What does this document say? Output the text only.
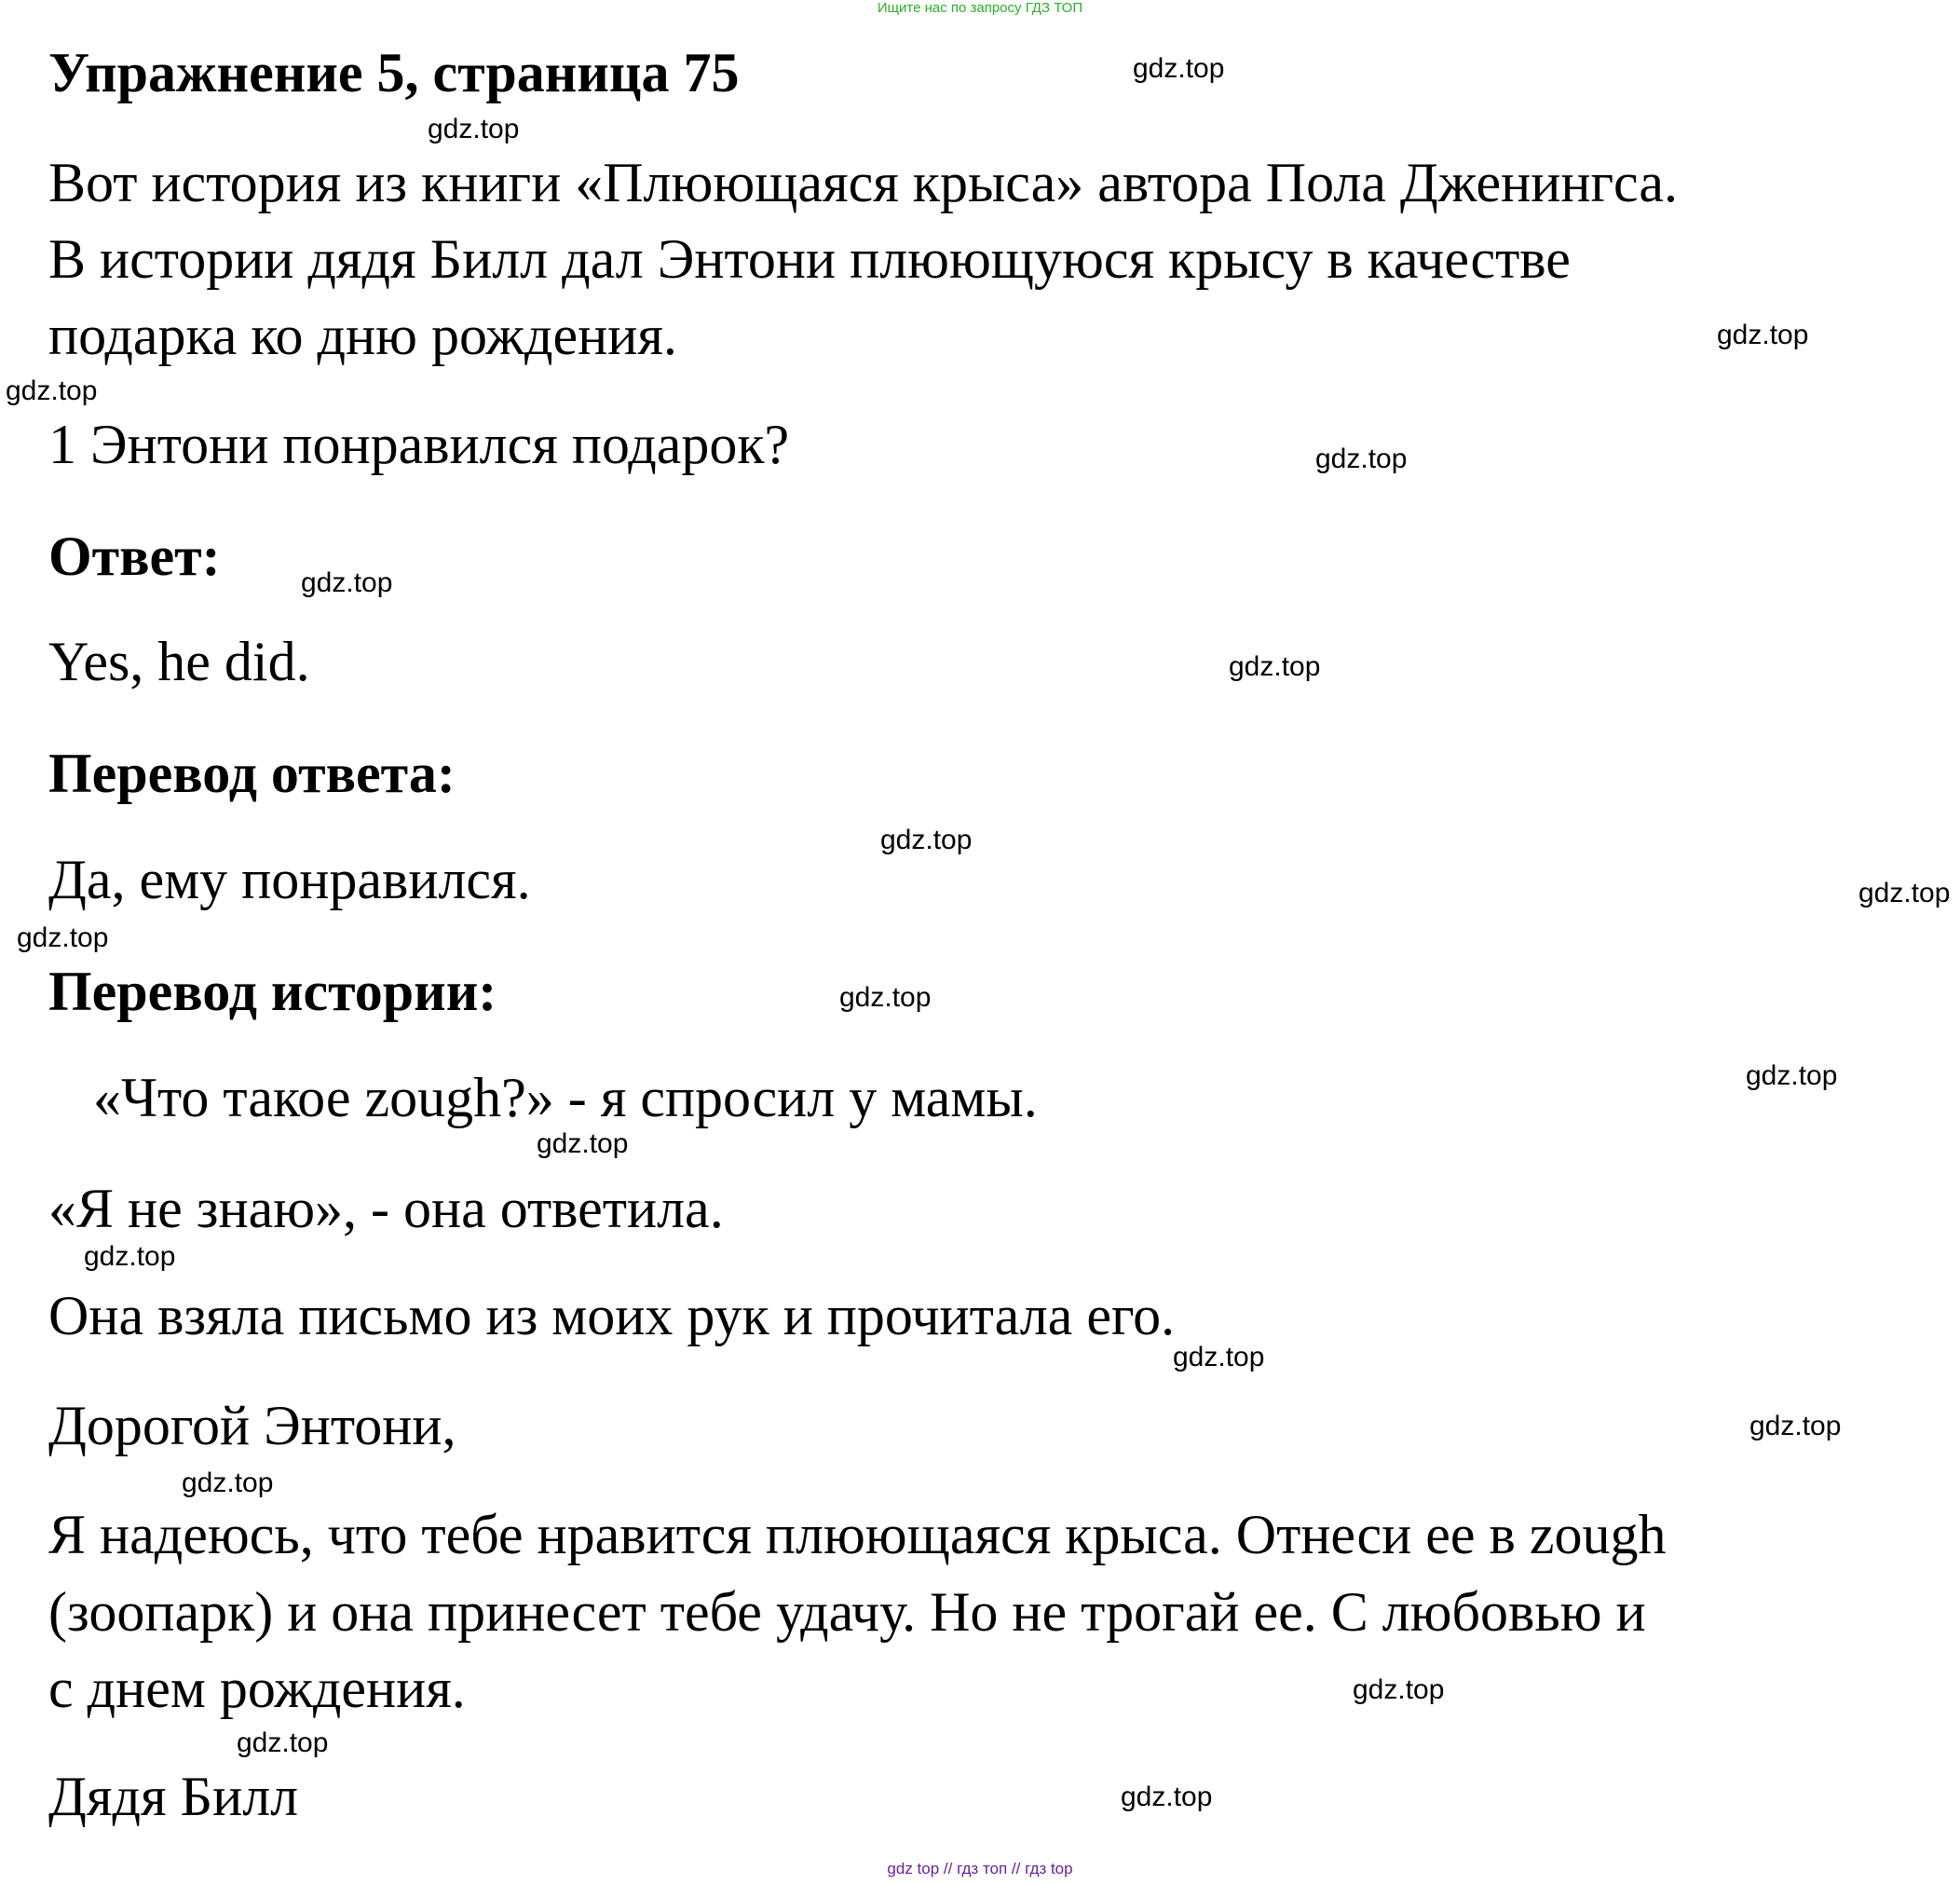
Ищите нас по запросу ГДЗ ТОП
Упражнение 5, страница 75
Вот история из книги «Плюющаяся крыса» автора Пола Дженингса.
В истории дядя Билл дал Энтони плюющуюся крысу в качестве
подарка ко дню рождения.
1 Энтони понравился подарок?
Ответ:
Yes, he did.
Перевод ответа:
Да, ему понравился.
Перевод истории:
«Что такое zough?» - я спросил у мамы.
«Я не знаю», - она ответила.
Она взяла письмо из моих рук и прочитала его.
Дорогой Энтони,
Я надеюсь, что тебе нравится плюющаяся крыса. Отнеси ее в zough
(зоопарк) и она принесет тебе удачу. Но не трогай ее. С любовью и
с днем рождения.
Дядя Билл
gdz.top
gdz.top
gdz.top
gdz.top
gdz.top
gdz.top
gdz.top
gdz.top
gdz.top
gdz.top
gdz.top
gdz.top
gdz.top
gdz.top
gdz.top
gdz.top
gdz.top
gdz.top
gdz.top
gdz.top
gdz top // гдз топ // гдз top
